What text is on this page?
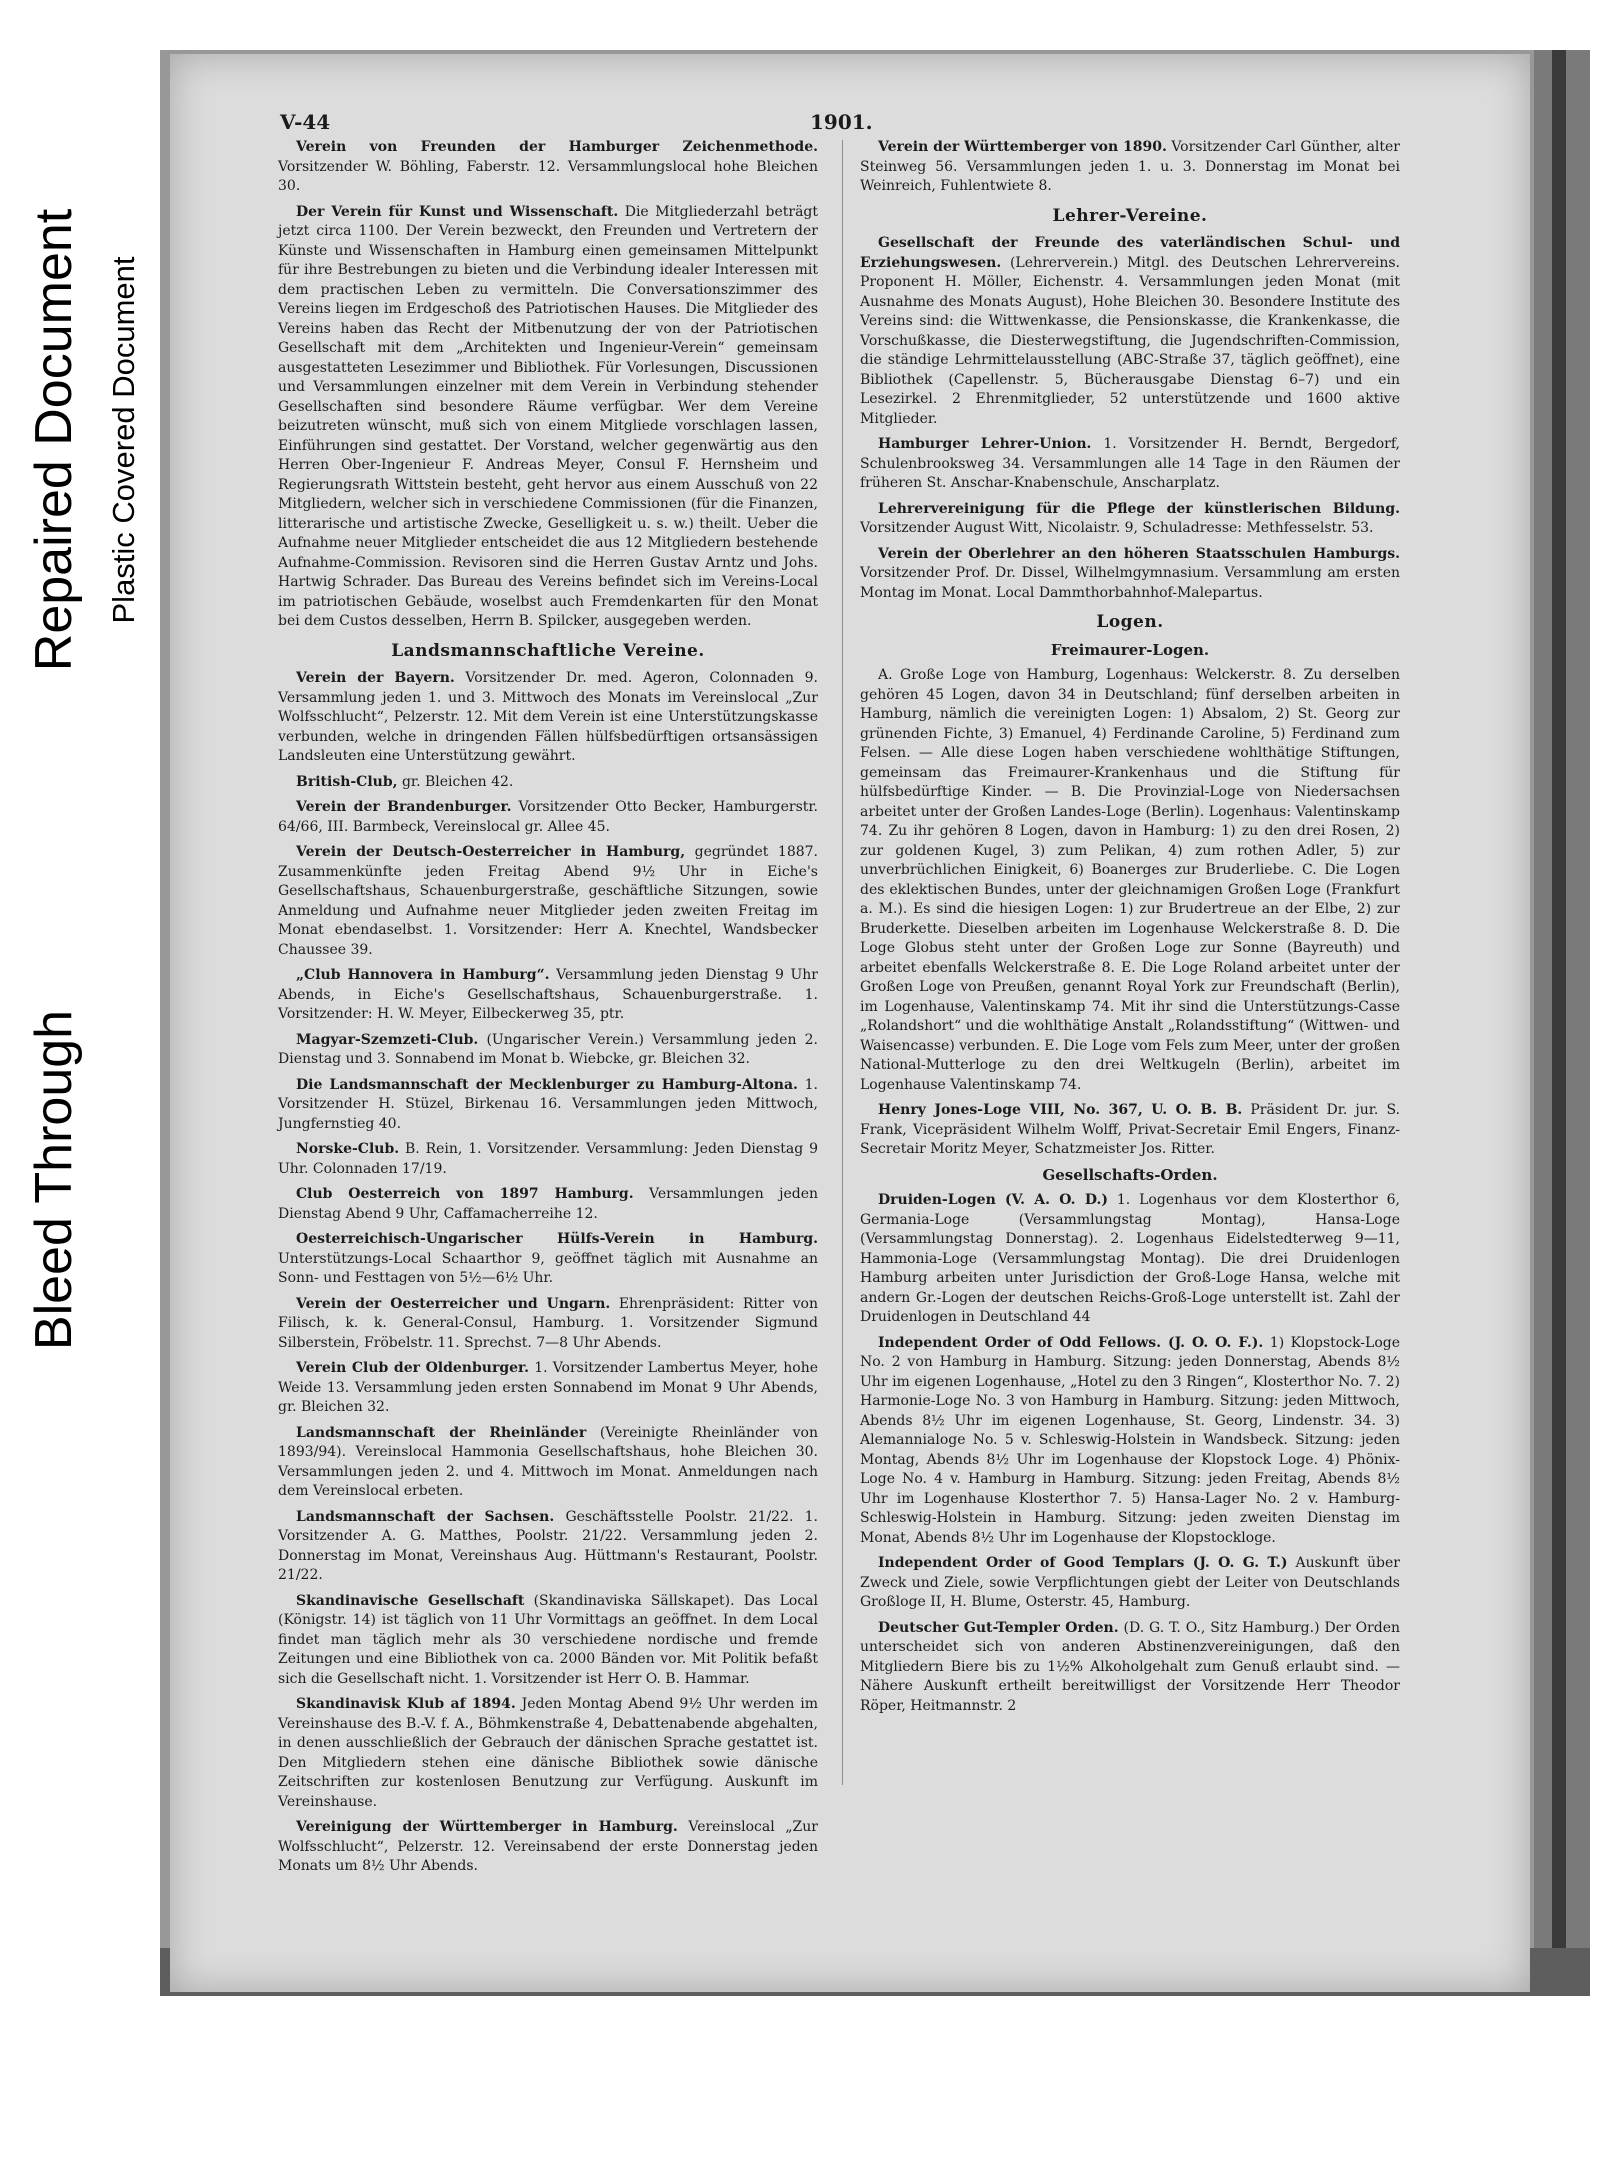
Bleed Through
Repaired Document Plastic Covered Document
V-44	1901.

Verein von Freunden der Hamburger Zeichenmethode. Vorsitzender W. Böhling, Faberstr. 12. Versammlungslocal hohe Bleichen 30.

Der Verein für Kunst und Wissenschaft. Die Mitgliederzahl beträgt jetzt circa 1100. Der Verein bezweckt, den Freunden und Vertretern der Künste und Wissenschaften in Hamburg einen gemeinsamen Mittelpunkt für ihre Bestrebungen zu bieten und die Verbindung idealer Interessen mit dem practischen Leben zu vermitteln. Die Conversationszimmer des Vereins liegen im Erdgeschoß des Patriotischen Hauses. Die Mitglieder des Vereins haben das Recht der Mitbenutzung der von der Patriotischen Gesellschaft mit dem „Architekten und Ingenieur-Verein“ gemeinsam ausgestatteten Lesezimmer und Bibliothek. Für Vorlesungen, Discussionen und Versammlungen einzelner mit dem Verein in Verbindung stehender Gesellschaften sind besondere Räume verfügbar. Wer dem Vereine beizutreten wünscht, muß sich von einem Mitgliede vorschlagen lassen, Einführungen sind gestattet. Der Vorstand, welcher gegenwärtig aus den Herren Ober-Ingenieur F. Andreas Meyer, Consul F. Hernsheim und Regierungsrath Wittstein besteht, geht hervor aus einem Ausschuß von 22 Mitgliedern, welcher sich in verschiedene Commissionen (für die Finanzen, litterarische und artistische Zwecke, Geselligkeit u. s. w.) theilt. Ueber die Aufnahme neuer Mitglieder entscheidet die aus 12 Mitgliedern bestehende Aufnahme-Commission. Revisoren sind die Herren Gustav Arntz und Johs. Hartwig Schrader. Das Bureau des Vereins befindet sich im Vereins-Local im patriotischen Gebäude, woselbst auch Fremdenkarten für den Monat bei dem Custos desselben, Herrn B. Spilcker, ausgegeben werden.

Landsmannschaftliche Vereine.

Verein der Bayern. Vorsitzender Dr. med. Ageron, Colonnaden 9. Versammlung jeden 1. und 3. Mittwoch des Monats im Vereinslocal „Zur Wolfsschlucht“, Pelzerstr. 12. Mit dem Verein ist eine Unterstützungskasse verbunden, welche in dringenden Fällen hülfsbedürftigen ortsansässigen Landsleuten eine Unterstützung gewährt.

British-Club, gr. Bleichen 42.

Verein der Brandenburger. Vorsitzender Otto Becker, Hamburgerstr. 64/66, III. Barmbeck, Vereinslocal gr. Allee 45.

Verein der Deutsch-Oesterreicher in Hamburg, gegründet 1887. Zusammenkünfte jeden Freitag Abend 9½ Uhr in Eiche's Gesellschaftshaus, Schauenburgerstraße, geschäftliche Sitzungen, sowie Anmeldung und Aufnahme neuer Mitglieder jeden zweiten Freitag im Monat ebendaselbst. 1. Vorsitzender: Herr A. Knechtel, Wandsbecker Chaussee 39.

„Club Hannovera in Hamburg“. Versammlung jeden Dienstag 9 Uhr Abends, in Eiche's Gesellschaftshaus, Schauenburgerstraße. 1. Vorsitzender: H. W. Meyer, Eilbeckerweg 35, ptr.

Magyar-Szemzeti-Club. (Ungarischer Verein.) Versammlung jeden 2. Dienstag und 3. Sonnabend im Monat b. Wiebcke, gr. Bleichen 32.

Die Landsmannschaft der Mecklenburger zu Hamburg-Altona. 1. Vorsitzender H. Stüzel, Birkenau 16. Versammlungen jeden Mittwoch, Jungfernstieg 40.

Norske-Club. B. Rein, 1. Vorsitzender. Versammlung: Jeden Dienstag 9 Uhr. Colonnaden 17/19.

Club Oesterreich von 1897 Hamburg. Versammlungen jeden Dienstag Abend 9 Uhr, Caffamacherreihe 12.

Oesterreichisch-Ungarischer Hülfs-Verein in Hamburg. Unterstützungs-Local Schaarthor 9, geöffnet täglich mit Ausnahme an Sonn- und Festtagen von 5½—6½ Uhr.

Verein der Oesterreicher und Ungarn. Ehrenpräsident: Ritter von Filisch, k. k. General-Consul, Hamburg. 1. Vorsitzender Sigmund Silberstein, Fröbelstr. 11. Sprechst. 7—8 Uhr Abends.

Verein Club der Oldenburger. 1. Vorsitzender Lambertus Meyer, hohe Weide 13. Versammlung jeden ersten Sonnabend im Monat 9 Uhr Abends, gr. Bleichen 32.

Landsmannschaft der Rheinländer (Vereinigte Rheinländer von 1893/94). Vereinslocal Hammonia Gesellschaftshaus, hohe Bleichen 30. Versammlungen jeden 2. und 4. Mittwoch im Monat. Anmeldungen nach dem Vereinslocal erbeten.

Landsmannschaft der Sachsen. Geschäftsstelle Poolstr. 21/22. 1. Vorsitzender A. G. Matthes, Poolstr. 21/22. Versammlung jeden 2. Donnerstag im Monat, Vereinshaus Aug. Hüttmann's Restaurant, Poolstr. 21/22.

Skandinavische Gesellschaft (Skandinaviska Sällskapet). Das Local (Königstr. 14) ist täglich von 11 Uhr Vormittags an geöffnet. In dem Local findet man täglich mehr als 30 verschiedene nordische und fremde Zeitungen und eine Bibliothek von ca. 2000 Bänden vor. Mit Politik befaßt sich die Gesellschaft nicht. 1. Vorsitzender ist Herr O. B. Hammar.

Skandinavisk Klub af 1894. Jeden Montag Abend 9½ Uhr werden im Vereinshause des B.-V. f. A., Böhmkenstraße 4, Debattenabende abgehalten, in denen ausschließlich der Gebrauch der dänischen Sprache gestattet ist. Den Mitgliedern stehen eine dänische Bibliothek sowie dänische Zeitschriften zur kostenlosen Benutzung zur Verfügung. Auskunft im Vereinshause.

Vereinigung der Württemberger in Hamburg. Vereinslocal „Zur Wolfsschlucht“, Pelzerstr. 12. Vereinsabend der erste Donnerstag jeden Monats um 8½ Uhr Abends.

Verein der Württemberger von 1890. Vorsitzender Carl Günther, alter Steinweg 56. Versammlungen jeden 1. u. 3. Donnerstag im Monat bei Weinreich, Fuhlentwiete 8.

Lehrer-Vereine.

Gesellschaft der Freunde des vaterländischen Schul- und Erziehungswesen. (Lehrerverein.) Mitgl. des Deutschen Lehrervereins. Proponent H. Möller, Eichenstr. 4. Versammlungen jeden Monat (mit Ausnahme des Monats August), Hohe Bleichen 30. Besondere Institute des Vereins sind: die Wittwenkasse, die Pensionskasse, die Krankenkasse, die Vorschußkasse, die Diesterwegstiftung, die Jugendschriften-Commission, die ständige Lehrmittelausstellung (ABC-Straße 37, täglich geöffnet), eine Bibliothek (Capellenstr. 5, Bücherausgabe Dienstag 6–7) und ein Lesezirkel. 2 Ehrenmitglieder, 52 unterstützende und 1600 aktive Mitglieder.

Hamburger Lehrer-Union. 1. Vorsitzender H. Berndt, Bergedorf, Schulenbrooksweg 34. Versammlungen alle 14 Tage in den Räumen der früheren St. Anschar-Knabenschule, Anscharplatz.

Lehrervereinigung für die Pflege der künstlerischen Bildung. Vorsitzender August Witt, Nicolaistr. 9, Schuladresse: Methfesselstr. 53.

Verein der Oberlehrer an den höheren Staatsschulen Hamburgs. Vorsitzender Prof. Dr. Dissel, Wilhelmgymnasium. Versammlung am ersten Montag im Monat. Local Dammthorbahnhof-Malepartus.

Logen.
Freimaurer-Logen.

A. Große Loge von Hamburg, Logenhaus: Welckerstr. 8. Zu derselben gehören 45 Logen, davon 34 in Deutschland; fünf derselben arbeiten in Hamburg, nämlich die vereinigten Logen: 1) Absalom, 2) St. Georg zur grünenden Fichte, 3) Emanuel, 4) Ferdinande Caroline, 5) Ferdinand zum Felsen. — Alle diese Logen haben verschiedene wohlthätige Stiftungen, gemeinsam das Freimaurer-Krankenhaus und die Stiftung für hülfsbedürftige Kinder. — B. Die Provinzial-Loge von Niedersachsen arbeitet unter der Großen Landes-Loge (Berlin). Logenhaus: Valentinskamp 74. Zu ihr gehören 8 Logen, davon in Hamburg: 1) zu den drei Rosen, 2) zur goldenen Kugel, 3) zum Pelikan, 4) zum rothen Adler, 5) zur unverbrüchlichen Einigkeit, 6) Boanerges zur Bruderliebe. C. Die Logen des eklektischen Bundes, unter der gleichnamigen Großen Loge (Frankfurt a. M.). Es sind die hiesigen Logen: 1) zur Brudertreue an der Elbe, 2) zur Bruderkette. Dieselben arbeiten im Logenhause Welckerstraße 8. D. Die Loge Globus steht unter der Großen Loge zur Sonne (Bayreuth) und arbeitet ebenfalls Welckerstraße 8. E. Die Loge Roland arbeitet unter der Großen Loge von Preußen, genannt Royal York zur Freundschaft (Berlin), im Logenhause, Valentinskamp 74. Mit ihr sind die Unterstützungs-Casse „Rolandshort“ und die wohlthätige Anstalt „Rolandsstiftung“ (Wittwen- und Waisencasse) verbunden. E. Die Loge vom Fels zum Meer, unter der großen National-Mutterloge zu den drei Weltkugeln (Berlin), arbeitet im Logenhause Valentinskamp 74.

Henry Jones-Loge VIII, No. 367, U. O. B. B. Präsident Dr. jur. S. Frank, Vicepräsident Wilhelm Wolff, Privat-Secretair Emil Engers, Finanz-Secretair Moritz Meyer, Schatzmeister Jos. Ritter.

Gesellschafts-Orden.

Druiden-Logen (V. A. O. D.) 1. Logenhaus vor dem Klosterthor 6, Germania-Loge (Versammlungstag Montag), Hansa-Loge (Versammlungstag Donnerstag). 2. Logenhaus Eidelstedterweg 9—11, Hammonia-Loge (Versammlungstag Montag). Die drei Druidenlogen Hamburg arbeiten unter Jurisdiction der Groß-Loge Hansa, welche mit andern Gr.-Logen der deutschen Reichs-Groß-Loge unterstellt ist. Zahl der Druidenlogen in Deutschland 44

Independent Order of Odd Fellows. (J. O. O. F.). 1) Klopstock-Loge No. 2 von Hamburg in Hamburg. Sitzung: jeden Donnerstag, Abends 8½ Uhr im eigenen Logenhause, „Hotel zu den 3 Ringen“, Klosterthor No. 7. 2) Harmonie-Loge No. 3 von Hamburg in Hamburg. Sitzung: jeden Mittwoch, Abends 8½ Uhr im eigenen Logenhause, St. Georg, Lindenstr. 34. 3) Alemannialoge No. 5 v. Schleswig-Holstein in Wandsbeck. Sitzung: jeden Montag, Abends 8½ Uhr im Logenhause der Klopstock Loge. 4) Phönix-Loge No. 4 v. Hamburg in Hamburg. Sitzung: jeden Freitag, Abends 8½ Uhr im Logenhause Klosterthor 7. 5) Hansa-Lager No. 2 v. Hamburg-Schleswig-Holstein in Hamburg. Sitzung: jeden zweiten Dienstag im Monat, Abends 8½ Uhr im Logenhause der Klopstockloge.

Independent Order of Good Templars (J. O. G. T.) Auskunft über Zweck und Ziele, sowie Verpflichtungen giebt der Leiter von Deutschlands Großloge II, H. Blume, Osterstr. 45, Hamburg.

Deutscher Gut-Templer Orden. (D. G. T. O., Sitz Hamburg.) Der Orden unterscheidet sich von anderen Abstinenzvereinigungen, daß den Mitgliedern Biere bis zu 1½% Alkoholgehalt zum Genuß erlaubt sind. — Nähere Auskunft ertheilt bereitwilligst der Vorsitzende Herr Theodor Röper, Heitmannstr. 2
